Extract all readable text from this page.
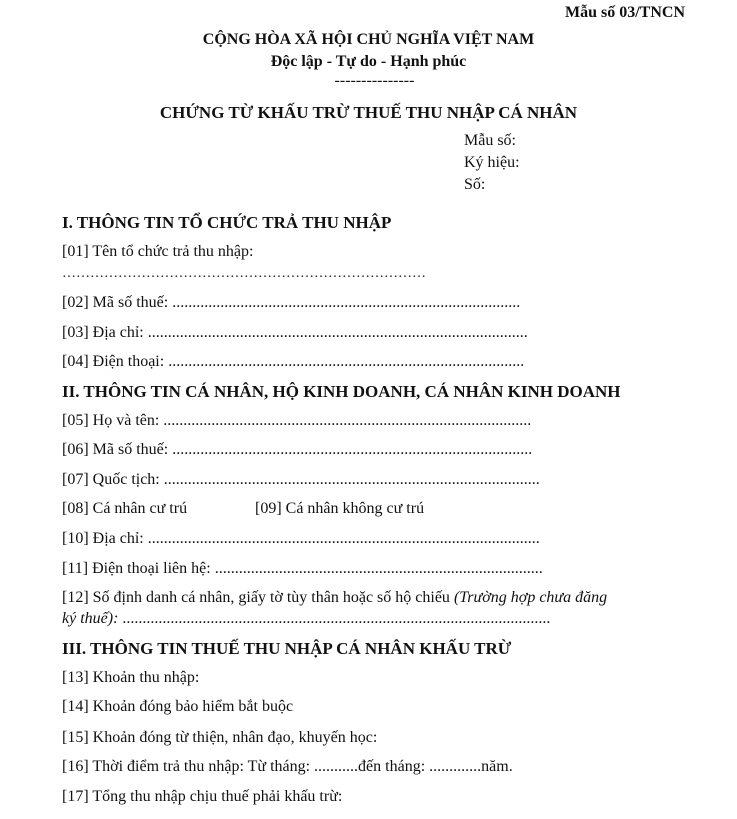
Mẫu số 03/TNCN
CỘNG HÒA XÃ HỘI CHỦ NGHĨA VIỆT NAM
Độc lập - Tự do - Hạnh phúc
---------------
CHỨNG TỪ KHẤU TRỪ THUẾ THU NHẬP CÁ NHÂN
Mẫu số:
Ký hiệu:
Số:
I. THÔNG TIN TỔ CHỨC TRẢ THU NHẬP
[01] Tên tổ chức trả thu nhập:
……………………………………………………………………
[02] Mã số thuế: .......................................................................................
[03] Địa chỉ: ...............................................................................................
[04] Điện thoại: .........................................................................................
II. THÔNG TIN CÁ NHÂN, HỘ KINH DOANH, CÁ NHÂN KINH DOANH
[05] Họ và tên: ............................................................................................
[06] Mã số thuế: ..........................................................................................
[07] Quốc tịch: ..............................................................................................
[08] Cá nhân cư trú	[09] Cá nhân không cư trú
[10] Địa chỉ: ..................................................................................................
[11] Điện thoại liên hệ: ..................................................................................
[12] Số định danh cá nhân, giấy tờ tùy thân hoặc số hộ chiếu (Trường hợp chưa đăng
ký thuế): ...........................................................................................................
III. THÔNG TIN THUẾ THU NHẬP CÁ NHÂN KHẤU TRỪ
[13] Khoản thu nhập:
[14] Khoản đóng bảo hiểm bắt buộc
[15] Khoản đóng từ thiện, nhân đạo, khuyến học:
[16] Thời điểm trả thu nhập: Từ tháng: ...........đến tháng: .............năm.
[17] Tổng thu nhập chịu thuế phải khấu trừ:
